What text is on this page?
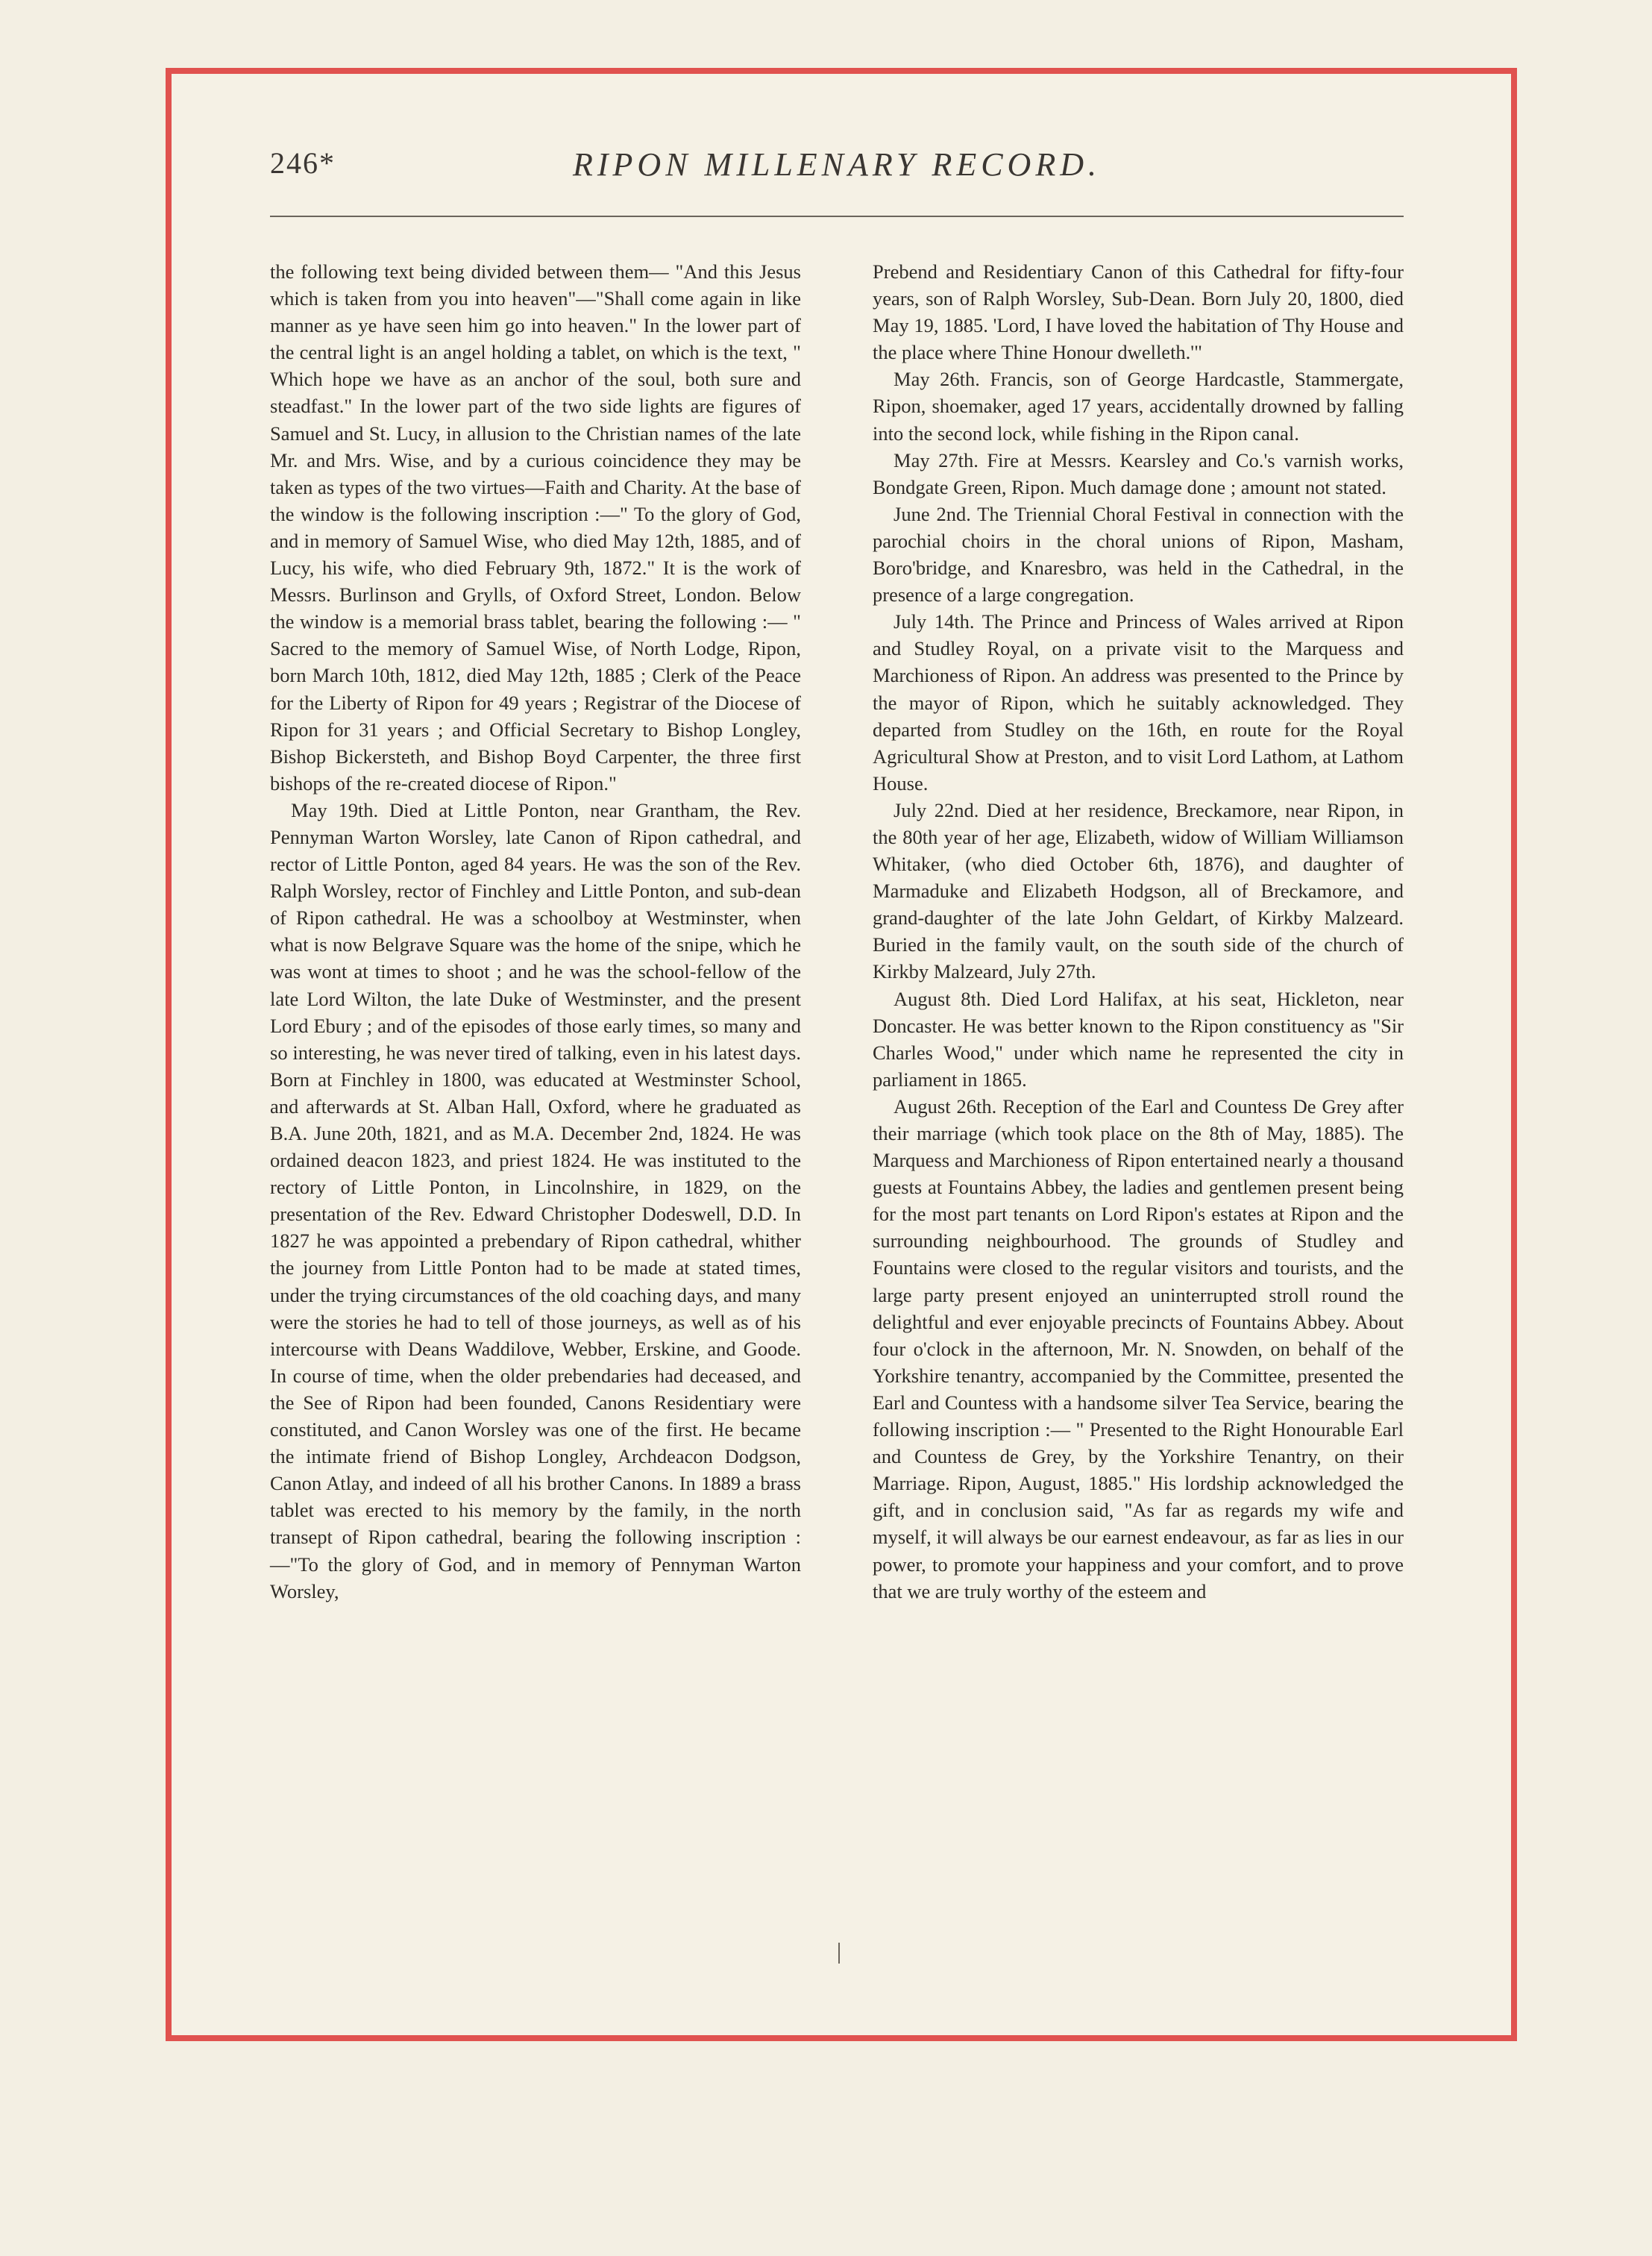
246*	RIPON MILLENARY RECORD.

the following text being divided between them— "And this Jesus which is taken from you into heaven"—"Shall come again in like manner as ye have seen him go into heaven." In the lower part of the central light is an angel holding a tablet, on which is the text, " Which hope we have as an anchor of the soul, both sure and steadfast." In the lower part of the two side lights are figures of Samuel and St. Lucy, in allusion to the Christian names of the late Mr. and Mrs. Wise, and by a curious coincidence they may be taken as types of the two virtues—Faith and Charity. At the base of the window is the following inscription :—" To the glory of God, and in memory of Samuel Wise, who died May 12th, 1885, and of Lucy, his wife, who died February 9th, 1872." It is the work of Messrs. Burlinson and Grylls, of Oxford Street, London. Below the window is a memorial brass tablet, bearing the following :— " Sacred to the memory of Samuel Wise, of North Lodge, Ripon, born March 10th, 1812, died May 12th, 1885 ; Clerk of the Peace for the Liberty of Ripon for 49 years ; Registrar of the Diocese of Ripon for 31 years ; and Official Secretary to Bishop Longley, Bishop Bickersteth, and Bishop Boyd Carpenter, the three first bishops of the re-created diocese of Ripon."

May 19th. Died at Little Ponton, near Grantham, the Rev. Pennyman Warton Worsley, late Canon of Ripon cathedral, and rector of Little Ponton, aged 84 years. He was the son of the Rev. Ralph Worsley, rector of Finchley and Little Ponton, and sub-dean of Ripon cathedral. He was a schoolboy at Westminster, when what is now Belgrave Square was the home of the snipe, which he was wont at times to shoot ; and he was the school-fellow of the late Lord Wilton, the late Duke of Westminster, and the present Lord Ebury ; and of the episodes of those early times, so many and so interesting, he was never tired of talking, even in his latest days. Born at Finchley in 1800, was educated at Westminster School, and afterwards at St. Alban Hall, Oxford, where he graduated as B.A. June 20th, 1821, and as M.A. December 2nd, 1824. He was ordained deacon 1823, and priest 1824. He was instituted to the rectory of Little Ponton, in Lincolnshire, in 1829, on the presentation of the Rev. Edward Christopher Dodeswell, D.D. In 1827 he was appointed a prebendary of Ripon cathedral, whither the journey from Little Ponton had to be made at stated times, under the trying circumstances of the old coaching days, and many were the stories he had to tell of those journeys, as well as of his intercourse with Deans Waddilove, Webber, Erskine, and Goode. In course of time, when the older prebendaries had deceased, and the See of Ripon had been founded, Canons Residentiary were constituted, and Canon Worsley was one of the first. He became the intimate friend of Bishop Longley, Archdeacon Dodgson, Canon Atlay, and indeed of all his brother Canons. In 1889 a brass tablet was erected to his memory by the family, in the north transept of Ripon cathedral, bearing the following inscription :—"To the glory of God, and in memory of Pennyman Warton Worsley,

Prebend and Residentiary Canon of this Cathedral for fifty-four years, son of Ralph Worsley, Sub-Dean. Born July 20, 1800, died May 19, 1885. 'Lord, I have loved the habitation of Thy House and the place where Thine Honour dwelleth.'"

May 26th. Francis, son of George Hardcastle, Stammergate, Ripon, shoemaker, aged 17 years, accidentally drowned by falling into the second lock, while fishing in the Ripon canal.

May 27th. Fire at Messrs. Kearsley and Co.'s varnish works, Bondgate Green, Ripon. Much damage done ; amount not stated.

June 2nd. The Triennial Choral Festival in connection with the parochial choirs in the choral unions of Ripon, Masham, Boro'bridge, and Knaresbro, was held in the Cathedral, in the presence of a large congregation.

July 14th. The Prince and Princess of Wales arrived at Ripon and Studley Royal, on a private visit to the Marquess and Marchioness of Ripon. An address was presented to the Prince by the mayor of Ripon, which he suitably acknowledged. They departed from Studley on the 16th, en route for the Royal Agricultural Show at Preston, and to visit Lord Lathom, at Lathom House.

July 22nd. Died at her residence, Breckamore, near Ripon, in the 80th year of her age, Elizabeth, widow of William Williamson Whitaker, (who died October 6th, 1876), and daughter of Marmaduke and Elizabeth Hodgson, all of Breckamore, and grand-daughter of the late John Geldart, of Kirkby Malzeard. Buried in the family vault, on the south side of the church of Kirkby Malzeard, July 27th.

August 8th. Died Lord Halifax, at his seat, Hickleton, near Doncaster. He was better known to the Ripon constituency as "Sir Charles Wood," under which name he represented the city in parliament in 1865.

August 26th. Reception of the Earl and Countess De Grey after their marriage (which took place on the 8th of May, 1885). The Marquess and Marchioness of Ripon entertained nearly a thousand guests at Fountains Abbey, the ladies and gentlemen present being for the most part tenants on Lord Ripon's estates at Ripon and the surrounding neighbourhood. The grounds of Studley and Fountains were closed to the regular visitors and tourists, and the large party present enjoyed an uninterrupted stroll round the delightful and ever enjoyable precincts of Fountains Abbey. About four o'clock in the afternoon, Mr. N. Snowden, on behalf of the Yorkshire tenantry, accompanied by the Committee, presented the Earl and Countess with a handsome silver Tea Service, bearing the following inscription :— " Presented to the Right Honourable Earl and Countess de Grey, by the Yorkshire Tenantry, on their Marriage. Ripon, August, 1885." His lordship acknowledged the gift, and in conclusion said, "As far as regards my wife and myself, it will always be our earnest endeavour, as far as lies in our power, to promote your happiness and your comfort, and to prove that we are truly worthy of the esteem and
